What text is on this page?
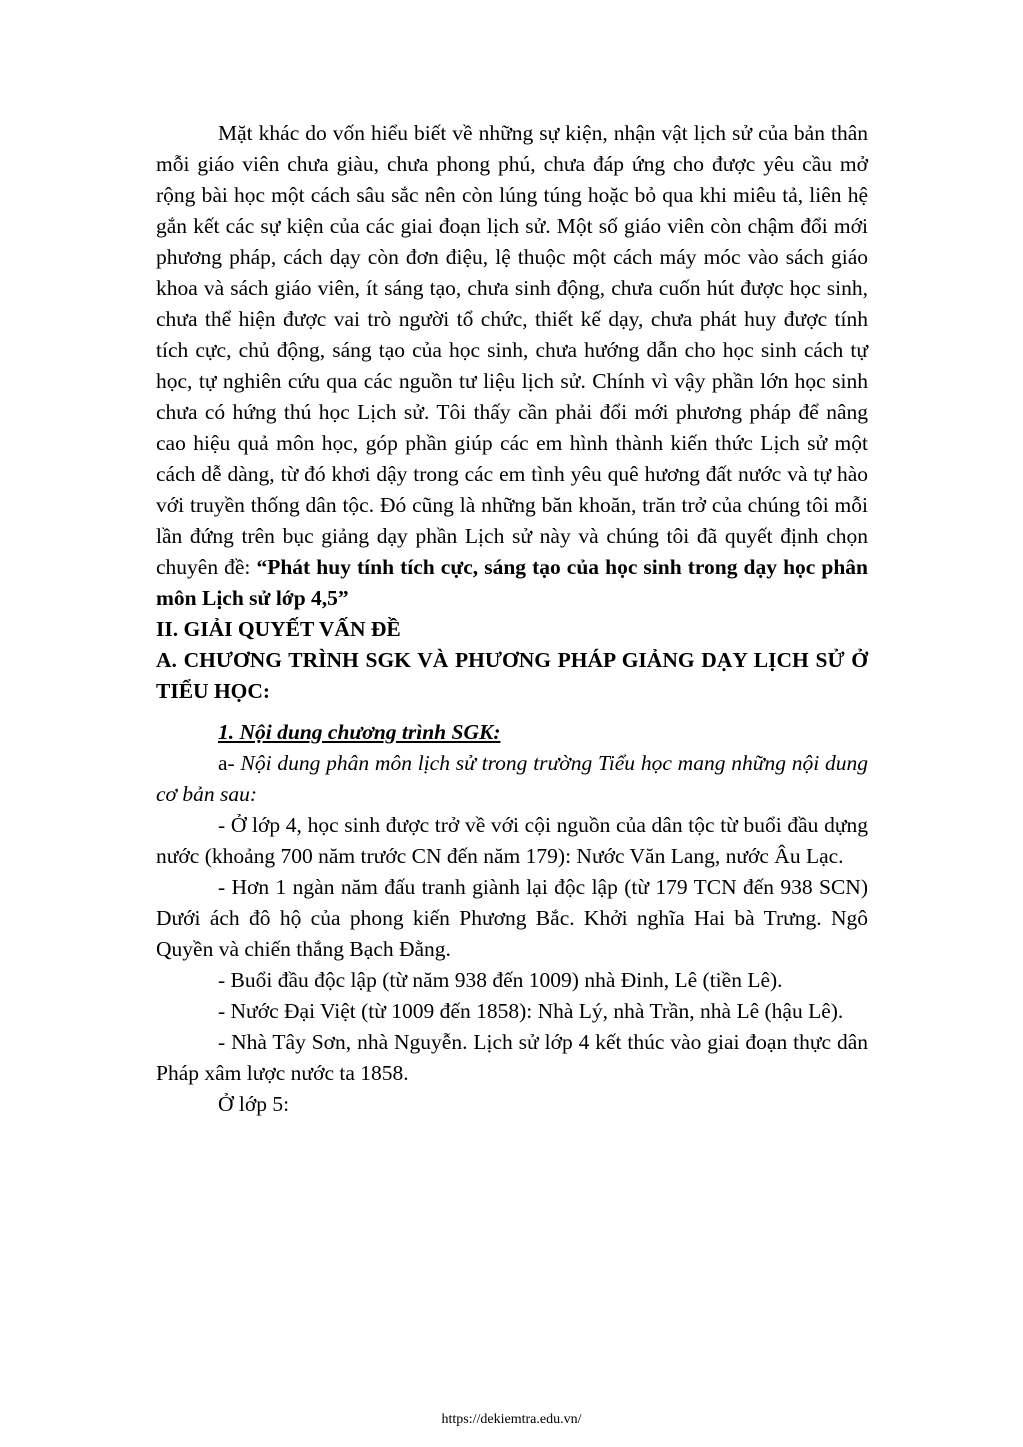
Mặt khác do vốn hiểu biết về những sự kiện, nhận vật lịch sử của bản thân mỗi giáo viên chưa giàu, chưa phong phú, chưa đáp ứng cho được yêu cầu mở rộng bài học một cách sâu sắc nên còn lúng túng hoặc bỏ qua khi miêu tả, liên hệ gắn kết các sự kiện của các giai đoạn lịch sử. Một số giáo viên còn chậm đổi mới phương pháp, cách dạy còn đơn điệu, lệ thuộc một cách máy móc vào sách giáo khoa và sách giáo viên, ít sáng tạo, chưa sinh động, chưa cuốn hút được học sinh, chưa thể hiện được vai trò người tổ chức, thiết kế dạy, chưa phát huy được tính tích cực, chủ động, sáng tạo của học sinh, chưa hướng dẫn cho học sinh cách tự học, tự nghiên cứu qua các nguồn tư liệu lịch sử. Chính vì vậy phần lớn học sinh chưa có hứng thú học Lịch sử. Tôi thấy cần phải đổi mới phương pháp để nâng cao hiệu quả môn học, góp phần giúp các em hình thành kiến thức Lịch sử một cách dễ dàng, từ đó khơi dậy trong các em tình yêu quê hương đất nước và tự hào với truyền thống dân tộc. Đó cũng là những băn khoăn, trăn trở của chúng tôi mỗi lần đứng trên bục giảng dạy phần Lịch sử này và chúng tôi đã quyết định chọn chuyên đề: “Phát huy tính tích cực, sáng tạo của học sinh trong dạy học phân môn Lịch sử lớp 4,5”

II. GIẢI QUYẾT VẤN ĐỀ

A. CHƯƠNG TRÌNH SGK VÀ PHƯƠNG PHÁP GIẢNG DẠY LỊCH SỬ Ở TIỂU HỌC:

1. Nội dung chương trình SGK:

a- Nội dung phân môn lịch sử trong trường Tiểu học mang những nội dung cơ bản sau:

- Ở lớp 4, học sinh được trở về với cội nguồn của dân tộc từ buổi đầu dựng nước (khoảng 700 năm trước CN đến năm 179): Nước Văn Lang, nước Âu Lạc.

- Hơn 1 ngàn năm đấu tranh giành lại độc lập (từ 179 TCN đến 938 SCN) Dưới ách đô hộ của phong kiến Phương Bắc. Khởi nghĩa Hai bà Trưng. Ngô Quyền và chiến thắng Bạch Đằng.

- Buổi đầu độc lập (từ năm 938 đến 1009) nhà Đinh, Lê (tiền Lê).

- Nước Đại Việt (từ 1009 đến 1858): Nhà Lý, nhà Trần, nhà Lê (hậu Lê).

- Nhà Tây Sơn, nhà Nguyễn. Lịch sử lớp 4 kết thúc vào giai đoạn thực dân Pháp xâm lược nước ta 1858.

Ở lớp 5:

https://dekiemtra.edu.vn/
